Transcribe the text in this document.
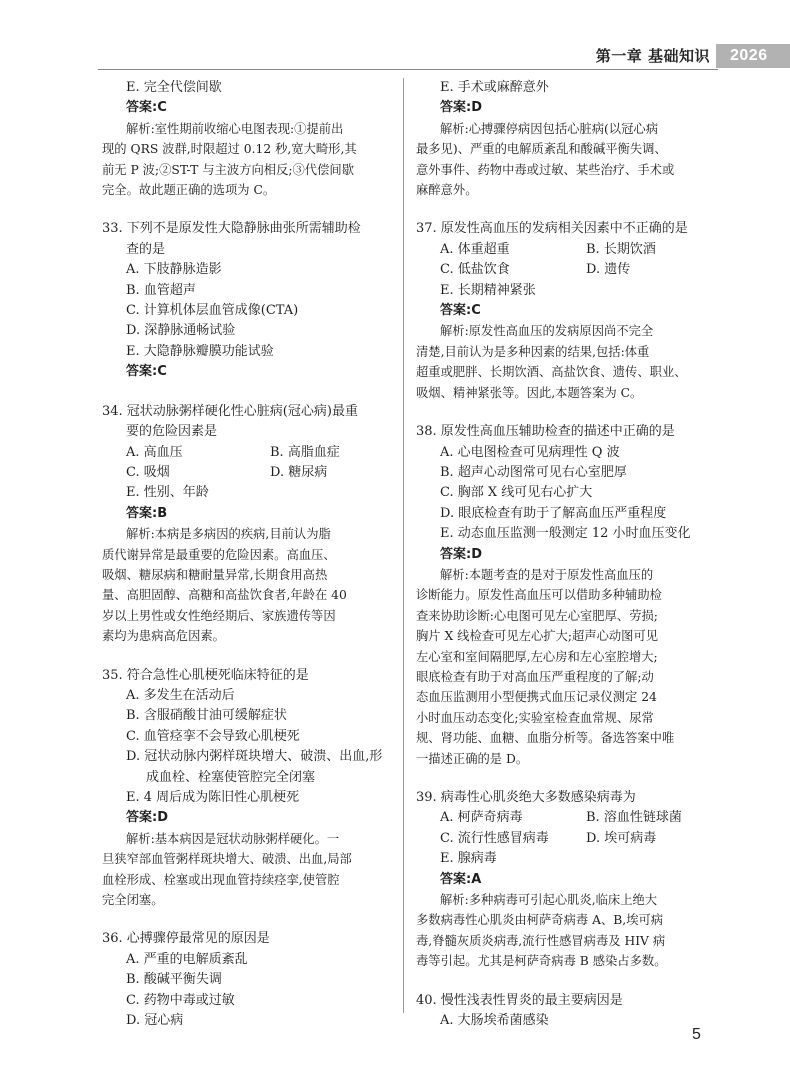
第一章 基础知识	2026
E. 完全代偿间歇
答案:C
解析:室性期前收缩心电图表现:①提前出
现的 QRS 波群,时限超过 0.12 秒,宽大畸形,其
前无 P 波;②ST-T 与主波方向相反;③代偿间歇
完全。故此题正确的选项为 C。
33. 下列不是原发性大隐静脉曲张所需辅助检
查的是
A. 下肢静脉造影
B. 血管超声
C. 计算机体层血管成像(CTA)
D. 深静脉通畅试验
E. 大隐静脉瓣膜功能试验
答案:C
34. 冠状动脉粥样硬化性心脏病(冠心病)最重
要的危险因素是
A. 高血压	B. 高脂血症
C. 吸烟	D. 糖尿病
E. 性别、年龄
答案:B
解析:本病是多病因的疾病,目前认为脂
质代谢异常是最重要的危险因素。高血压、
吸烟、糖尿病和糖耐量异常,长期食用高热
量、高胆固醇、高糖和高盐饮食者,年龄在 40
岁以上男性或女性绝经期后、家族遗传等因
素均为患病高危因素。
35. 符合急性心肌梗死临床特征的是
A. 多发生在活动后
B. 含服硝酸甘油可缓解症状
C. 血管痉挛不会导致心肌梗死
D. 冠状动脉内粥样斑块增大、破溃、出血,形
成血栓、栓塞使管腔完全闭塞
E. 4 周后成为陈旧性心肌梗死
答案:D
解析:基本病因是冠状动脉粥样硬化。一
旦狭窄部血管粥样斑块增大、破溃、出血,局部
血栓形成、栓塞或出现血管持续痉挛,使管腔
完全闭塞。
36. 心搏骤停最常见的原因是
A. 严重的电解质紊乱
B. 酸碱平衡失调
C. 药物中毒或过敏
D. 冠心病
E. 手术或麻醉意外
答案:D
解析:心搏骤停病因包括心脏病(以冠心病
最多见)、严重的电解质紊乱和酸碱平衡失调、
意外事件、药物中毒或过敏、某些治疗、手术或
麻醉意外。
37. 原发性高血压的发病相关因素中不正确的是
A. 体重超重	B. 长期饮酒
C. 低盐饮食	D. 遗传
E. 长期精神紧张
答案:C
解析:原发性高血压的发病原因尚不完全
清楚,目前认为是多种因素的结果,包括:体重
超重或肥胖、长期饮酒、高盐饮食、遗传、职业、
吸烟、精神紧张等。因此,本题答案为 C。
38. 原发性高血压辅助检查的描述中正确的是
A. 心电图检查可见病理性 Q 波
B. 超声心动图常可见右心室肥厚
C. 胸部 X 线可见右心扩大
D. 眼底检查有助于了解高血压严重程度
E. 动态血压监测一般测定 12 小时血压变化
答案:D
解析:本题考查的是对于原发性高血压的
诊断能力。原发性高血压可以借助多种辅助检
查来协助诊断:心电图可见左心室肥厚、劳损;
胸片 X 线检查可见左心扩大;超声心动图可见
左心室和室间隔肥厚,左心房和左心室腔增大;
眼底检查有助于对高血压严重程度的了解;动
态血压监测用小型便携式血压记录仪测定 24
小时血压动态变化;实验室检查血常规、尿常
规、肾功能、血糖、血脂分析等。备选答案中唯
一描述正确的是 D。
39. 病毒性心肌炎绝大多数感染病毒为
A. 柯萨奇病毒	B. 溶血性链球菌
C. 流行性感冒病毒	D. 埃可病毒
E. 腺病毒
答案:A
解析:多种病毒可引起心肌炎,临床上绝大
多数病毒性心肌炎由柯萨奇病毒 A、B,埃可病
毒,脊髓灰质炎病毒,流行性感冒病毒及 HIV 病
毒等引起。尤其是柯萨奇病毒 B 感染占多数。
40. 慢性浅表性胃炎的最主要病因是
A. 大肠埃希菌感染
5
